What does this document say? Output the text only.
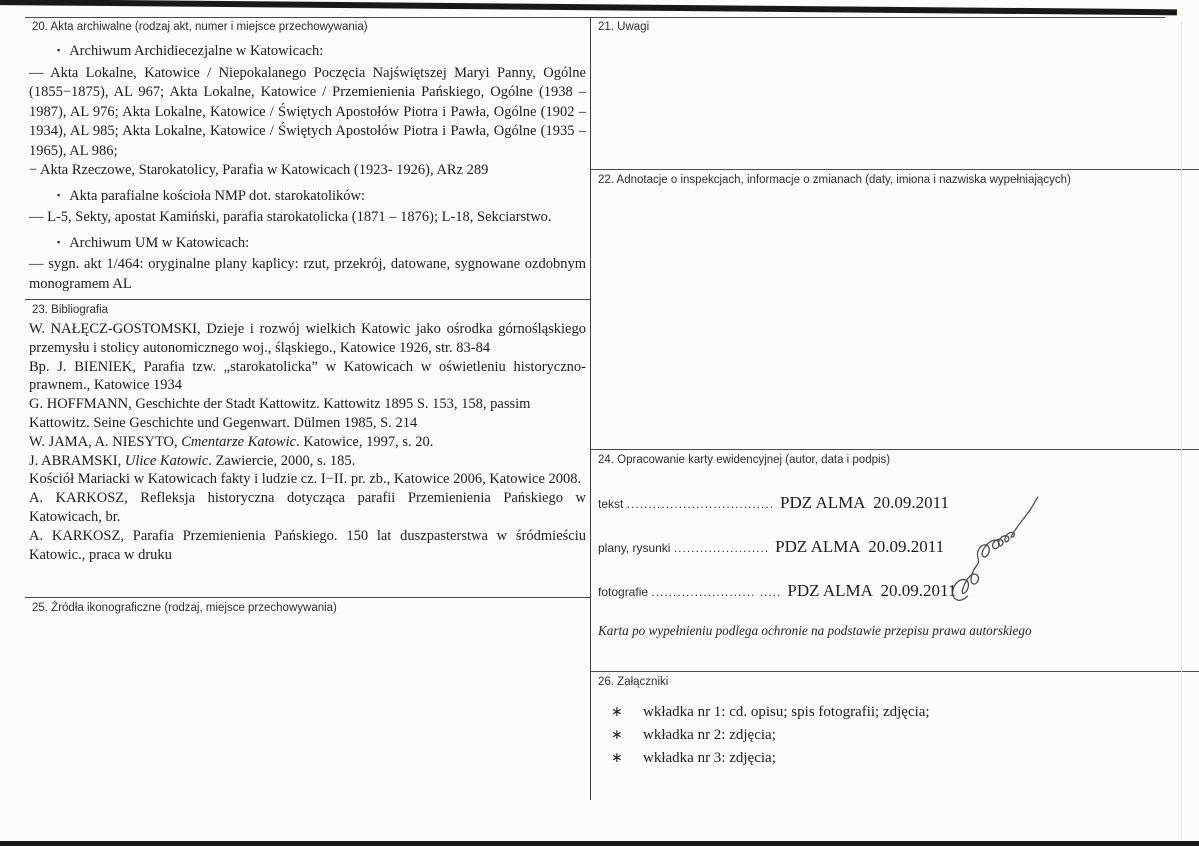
20. Akta archiwalne (rodzaj akt, numer i miejsce przechowywania)
▪ Archiwum Archidiecezjalne w Katowicach:
— Akta Lokalne, Katowice / Niepokalanego Poczęcia Najświętszej Maryi Panny, Ogólne (1855−1875), AL 967; Akta Lokalne, Katowice / Przemienienia Pańskiego, Ogólne (1938 – 1987), AL 976; Akta Lokalne, Katowice / Świętych Apostołów Piotra i Pawła, Ogólne (1902 – 1934), AL 985; Akta Lokalne, Katowice / Świętych Apostołów Piotra i Pawła, Ogólne (1935 – 1965), AL 986;
− Akta Rzeczowe, Starokatolicy, Parafia w Katowicach (1923- 1926), ARz 289
▪ Akta parafialne kościoła NMP dot. starokatolików:
— L-5, Sekty, apostat Kamiński, parafia starokatolicka (1871 – 1876); L-18, Sekciarstwo.
▪ Archiwum UM w Katowicach:
— sygn. akt 1/464: oryginalne plany kaplicy: rzut, przekrój, datowane, sygnowane ozdobnym monogramem AL
23. Bibliografia

W. NAŁĘCZ-GOSTOMSKI, Dzieje i rozwój wielkich Katowic jako ośrodka górnośląskiego przemysłu i stolicy autonomicznego woj., śląskiego., Katowice 1926, str. 83-84

Bp. J. BIENIEK, Parafia tzw. „starokatolicka” w Katowicach w oświetleniu historyczno-prawnem., Katowice 1934

G. HOFFMANN, Geschichte der Stadt Kattowitz. Kattowitz 1895 S. 153, 158, passim

Kattowitz. Seine Geschichte und Gegenwart. Dülmen 1985, S. 214

W. JAMA, A. NIESYTO, Cmentarze Katowic. Katowice, 1997, s. 20.

J. ABRAMSKI, Ulice Katowic. Zawiercie, 2000, s. 185.

Kościół Mariacki w Katowicach fakty i ludzie cz. I−II. pr. zb., Katowice 2006, Katowice 2008.

A. KARKOSZ, Refleksja historyczna dotycząca parafii Przemienienia Pańskiego w Katowicach, br.

A. KARKOSZ, Parafia Przemienienia Pańskiego. 150 lat duszpasterstwa w śródmieściu Katowic., praca w druku

25. Źródła ikonograficzne (rodzaj, miejsce przechowywania)
21. Uwagi
22. Adnotacje o inspekcjach, informacje o zmianach (daty, imiona i nazwiska wypełniających)
24. Opracowanie karty ewidencyjnej (autor, data i podpis)
tekst .................................. PDZ ALMA  20.09.2011
plany, rysunki ...................... PDZ ALMA  20.09.2011
fotografie ........................ ..... PDZ ALMA  20.09.2011

Karta po wypełnieniu podlega ochronie na podstawie przepisu prawa autorskiego

26. Załączniki
∗ wkładka nr 1: cd. opisu; spis fotografii; zdjęcia;
∗ wkładka nr 2: zdjęcia;
∗ wkładka nr 3: zdjęcia;
